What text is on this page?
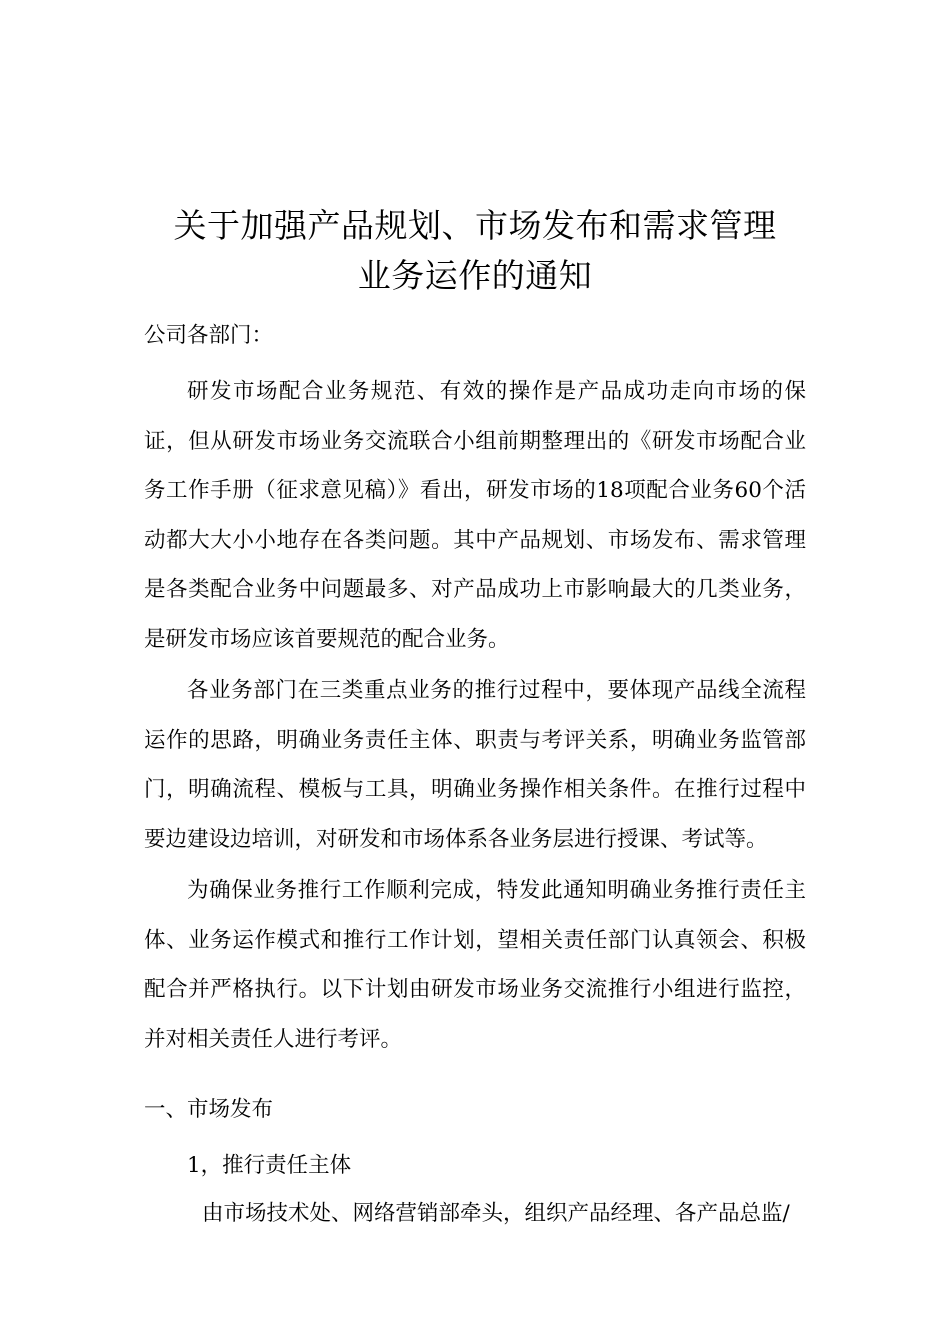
关于加强产品规划、市场发布和需求管理
业务运作的通知
公司各部门：

研发市场配合业务规范、有效的操作是产品成功走向市场的保证，但从研发市场业务交流联合小组前期整理出的《研发市场配合业务工作手册（征求意见稿）》看出，研发市场的18项配合业务60个活动都大大小小地存在各类问题。其中产品规划、市场发布、需求管理是各类配合业务中问题最多、对产品成功上市影响最大的几类业务，是研发市场应该首要规范的配合业务。

各业务部门在三类重点业务的推行过程中，要体现产品线全流程运作的思路，明确业务责任主体、职责与考评关系，明确业务监管部门，明确流程、模板与工具，明确业务操作相关条件。在推行过程中要边建设边培训，对研发和市场体系各业务层进行授课、考试等。

为确保业务推行工作顺利完成，特发此通知明确业务推行责任主体、业务运作模式和推行工作计划，望相关责任部门认真领会、积极配合并严格执行。以下计划由研发市场业务交流推行小组进行监控，并对相关责任人进行考评。

一、市场发布
1，推行责任主体
由市场技术处、网络营销部牵头，组织产品经理、各产品总监/
